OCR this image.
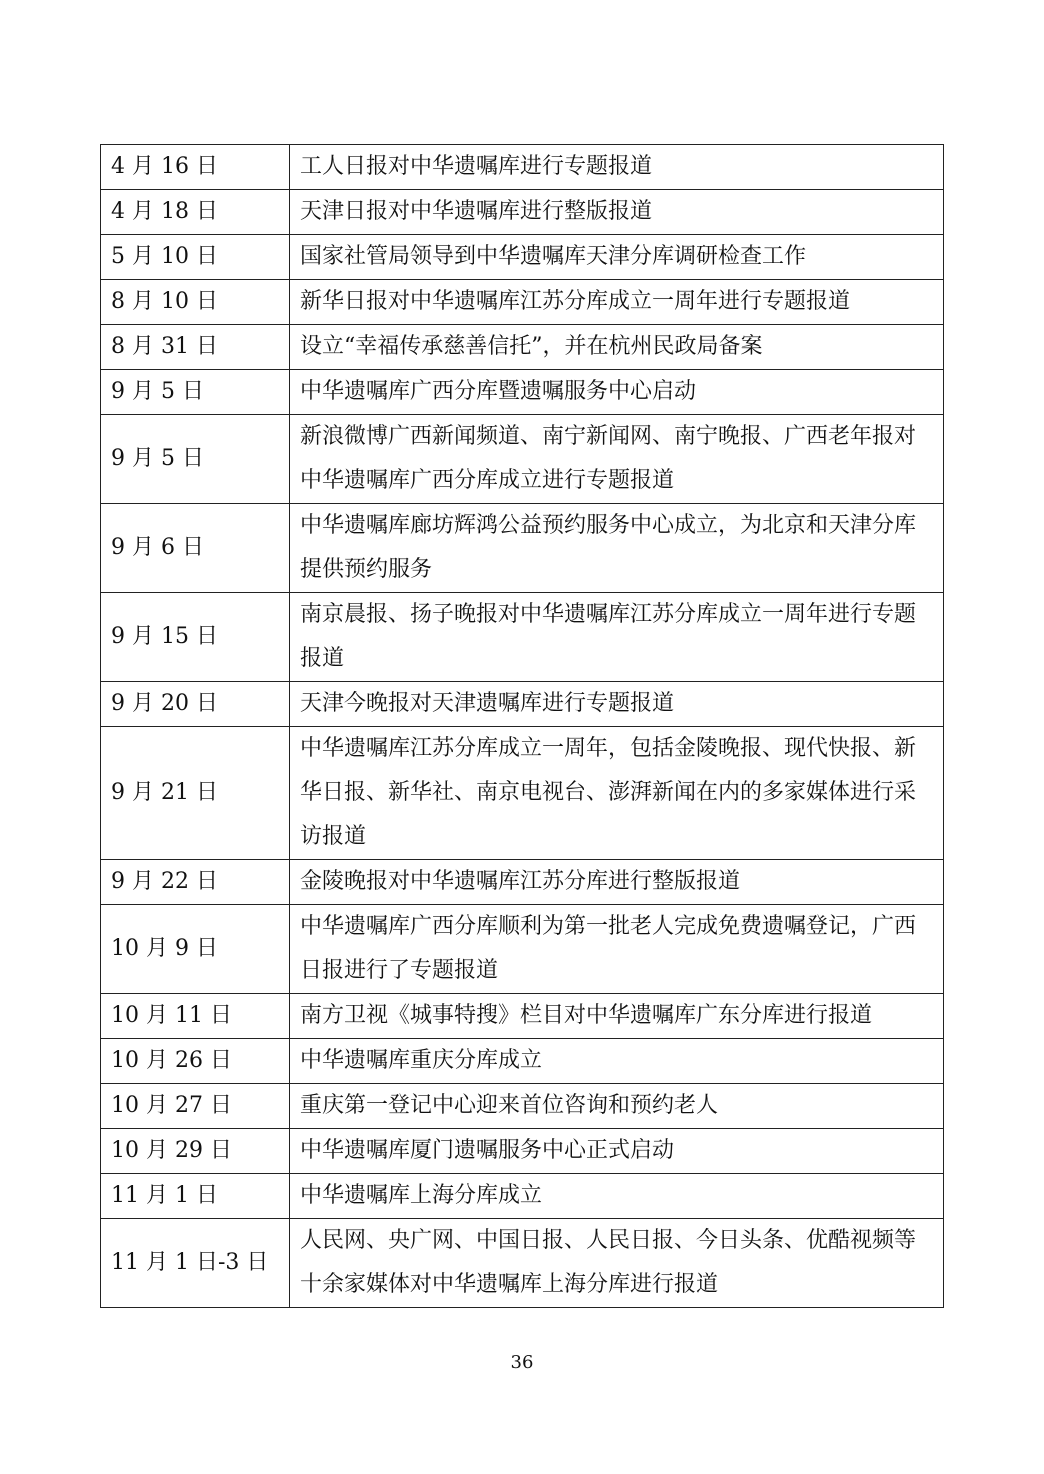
4 月 16 日	工人日报对中华遗嘱库进行专题报道
4 月 18 日	天津日报对中华遗嘱库进行整版报道
5 月 10 日	国家社管局领导到中华遗嘱库天津分库调研检查工作
8 月 10 日	新华日报对中华遗嘱库江苏分库成立一周年进行专题报道
8 月 31 日	设立“幸福传承慈善信托”，并在杭州民政局备案
9 月 5 日	中华遗嘱库广西分库暨遗嘱服务中心启动
9 月 5 日	新浪微博广西新闻频道、南宁新闻网、南宁晚报、广西老年报对中华遗嘱库广西分库成立进行专题报道
9 月 6 日	中华遗嘱库廊坊辉鸿公益预约服务中心成立，为北京和天津分库提供预约服务
9 月 15 日	南京晨报、扬子晚报对中华遗嘱库江苏分库成立一周年进行专题报道
9 月 20 日	天津今晚报对天津遗嘱库进行专题报道
9 月 21 日	中华遗嘱库江苏分库成立一周年，包括金陵晚报、现代快报、新华日报、新华社、南京电视台、澎湃新闻在内的多家媒体进行采访报道
9 月 22 日	金陵晚报对中华遗嘱库江苏分库进行整版报道
10 月 9 日	中华遗嘱库广西分库顺利为第一批老人完成免费遗嘱登记，广西日报进行了专题报道
10 月 11 日	南方卫视《城事特搜》栏目对中华遗嘱库广东分库进行报道
10 月 26 日	中华遗嘱库重庆分库成立
10 月 27 日	重庆第一登记中心迎来首位咨询和预约老人
10 月 29 日	中华遗嘱库厦门遗嘱服务中心正式启动
11 月 1 日	中华遗嘱库上海分库成立
11 月 1 日-3 日	人民网、央广网、中国日报、人民日报、今日头条、优酷视频等十余家媒体对中华遗嘱库上海分库进行报道
36
